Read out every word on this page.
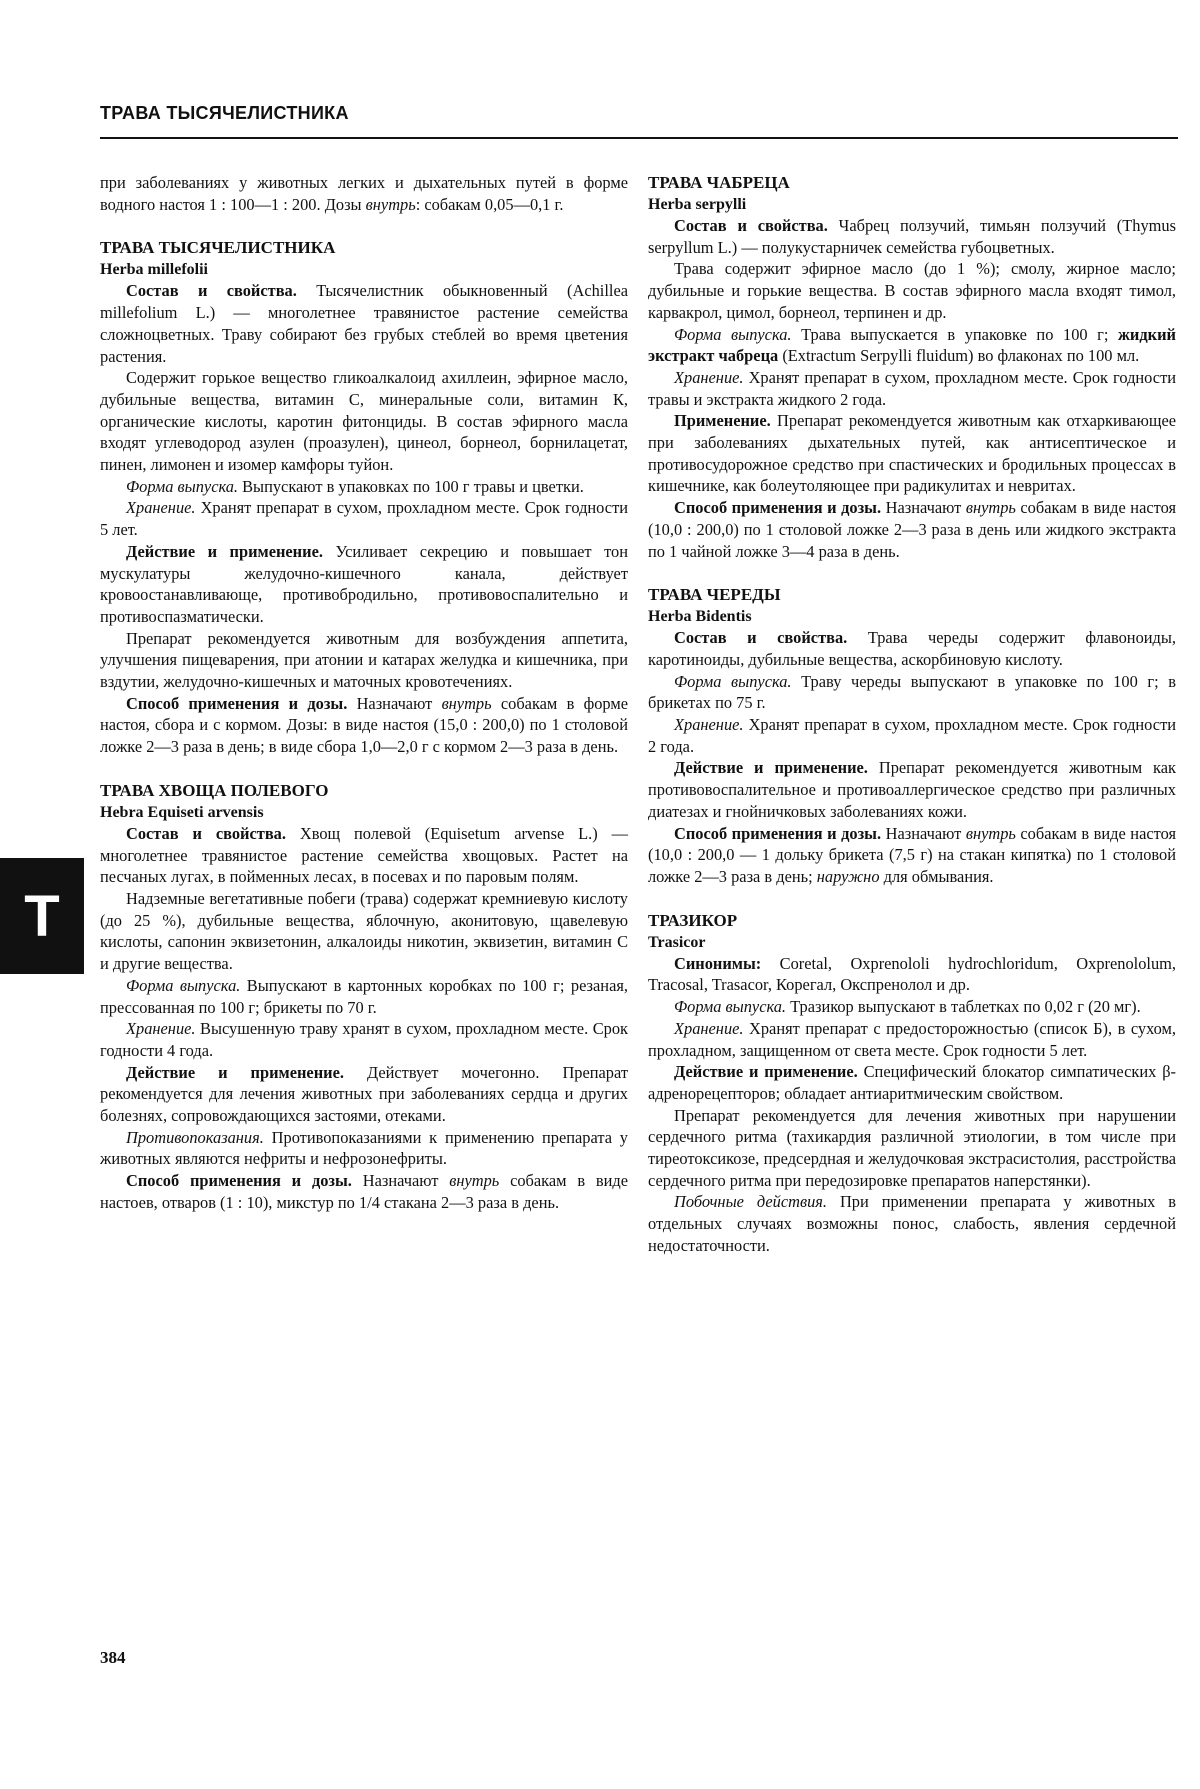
ТРАВА ТЫСЯЧЕЛИСТНИКА
Т

при заболеваниях у животных легких и дыхательных путей в форме водного настоя 1 : 100—1 : 200. Дозы внутрь: собакам 0,05—0,1 г.

ТРАВА ТЫСЯЧЕЛИСТНИКА
Herba millefolii

Состав и свойства. Тысячелистник обыкновенный (Achillea millefolium L.) — многолетнее травянистое растение семейства сложноцветных. Траву собирают без грубых стеблей во время цветения растения.

Содержит горькое вещество гликоалкалоид ахиллеин, эфирное масло, дубильные вещества, витамин С, минеральные соли, витамин К, органические кислоты, каротин фитонциды. В состав эфирного масла входят углеводород азулен (проазулен), цинеол, борнеол, борнилацетат, пинен, лимонен и изомер камфоры туйон.

Форма выпуска. Выпускают в упаковках по 100 г травы и цветки.

Хранение. Хранят препарат в сухом, прохладном месте. Срок годности 5 лет.

Действие и применение. Усиливает секрецию и повышает тон мускулатуры желудочно-кишечного канала, действует кровоостанавливающе, противобродильно, противовоспалительно и противоспазматически.

Препарат рекомендуется животным для возбуждения аппетита, улучшения пищеварения, при атонии и катарах желудка и кишечника, при вздутии, желудочно-кишечных и маточных кровотечениях.

Способ применения и дозы. Назначают внутрь собакам в форме настоя, сбора и с кормом. Дозы: в виде настоя (15,0 : 200,0) по 1 столовой ложке 2—3 раза в день; в виде сбора 1,0—2,0 г с кормом 2—3 раза в день.

ТРАВА ХВОЩА ПОЛЕВОГО
Hebra Equiseti arvensis

Состав и свойства. Хвощ полевой (Equisetum arvense L.) — многолетнее травянистое растение семейства хвощовых. Растет на песчаных лугах, в пойменных лесах, в посевах и по паровым полям.

Надземные вегетативные побеги (трава) содержат кремниевую кислоту (до 25 %), дубильные вещества, яблочную, аконитовую, щавелевую кислоты, сапонин эквизетонин, алкалоиды никотин, эквизетин, витамин С и другие вещества.

Форма выпуска. Выпускают в картонных коробках по 100 г; резаная, прессованная по 100 г; брикеты по 70 г.

Хранение. Высушенную траву хранят в сухом, прохладном месте. Срок годности 4 года.

Действие и применение. Действует мочегонно. Препарат рекомендуется для лечения животных при заболеваниях сердца и других болезнях, сопровождающихся застоями, отеками.

Противопоказания. Противопоказаниями к применению препарата у животных являются нефриты и нефрозонефриты.

Способ применения и дозы. Назначают внутрь собакам в виде настоев, отваров (1 : 10), микстур по 1/4 стакана 2—3 раза в день.

ТРАВА ЧАБРЕЦА
Herba serpylli

Состав и свойства. Чабрец ползучий, тимьян ползучий (Thymus serpyllum L.) — полукустарничек семейства губоцветных.

Трава содержит эфирное масло (до 1 %); смолу, жирное масло; дубильные и горькие вещества. В состав эфирного масла входят тимол, карвакрол, цимол, борнеол, терпинен и др.

Форма выпуска. Трава выпускается в упаковке по 100 г; жидкий экстракт чабреца (Extractum Serpylli fluidum) во флаконах по 100 мл.

Хранение. Хранят препарат в сухом, прохладном месте. Срок годности травы и экстракта жидкого 2 года.

Применение. Препарат рекомендуется животным как отхаркивающее при заболеваниях дыхательных путей, как антисептическое и противосудорожное средство при спастических и бродильных процессах в кишечнике, как болеутоляющее при радикулитах и невритах.

Способ применения и дозы. Назначают внутрь собакам в виде настоя (10,0 : 200,0) по 1 столовой ложке 2—3 раза в день или жидкого экстракта по 1 чайной ложке 3—4 раза в день.

ТРАВА ЧЕРЕДЫ
Herba Bidentis

Состав и свойства. Трава череды содержит флавоноиды, каротиноиды, дубильные вещества, аскорбиновую кислоту.

Форма выпуска. Траву череды выпускают в упаковке по 100 г; в брикетах по 75 г.

Хранение. Хранят препарат в сухом, прохладном месте. Срок годности 2 года.

Действие и применение. Препарат рекомендуется животным как противовоспалительное и противоаллергическое средство при различных диатезах и гнойничковых заболеваниях кожи.

Способ применения и дозы. Назначают внутрь собакам в виде настоя (10,0 : 200,0 — 1 дольку брикета (7,5 г) на стакан кипятка) по 1 столовой ложке 2—3 раза в день; наружно для обмывания.

ТРАЗИКОР
Trasicor

Синонимы: Coretal, Oxprenololi hydrochloridum, Oxprenololum, Tracosal, Trasacor, Корегал, Окспренолол и др.

Форма выпуска. Тразикор выпускают в таблетках по 0,02 г (20 мг).

Хранение. Хранят препарат с предосторожностью (список Б), в сухом, прохладном, защищенном от света месте. Срок годности 5 лет.

Действие и применение. Специфический блокатор симпатических β-адренорецепторов; обладает антиаритмическим свойством.

Препарат рекомендуется для лечения животных при нарушении сердечного ритма (тахикардия различной этиологии, в том числе при тиреотоксикозе, предсердная и желудочковая экстрасистолия, расстройства сердечного ритма при передозировке препаратов наперстянки).

Побочные действия. При применении препарата у животных в отдельных случаях возможны понос, слабость, явления сердечной недостаточности.

384
